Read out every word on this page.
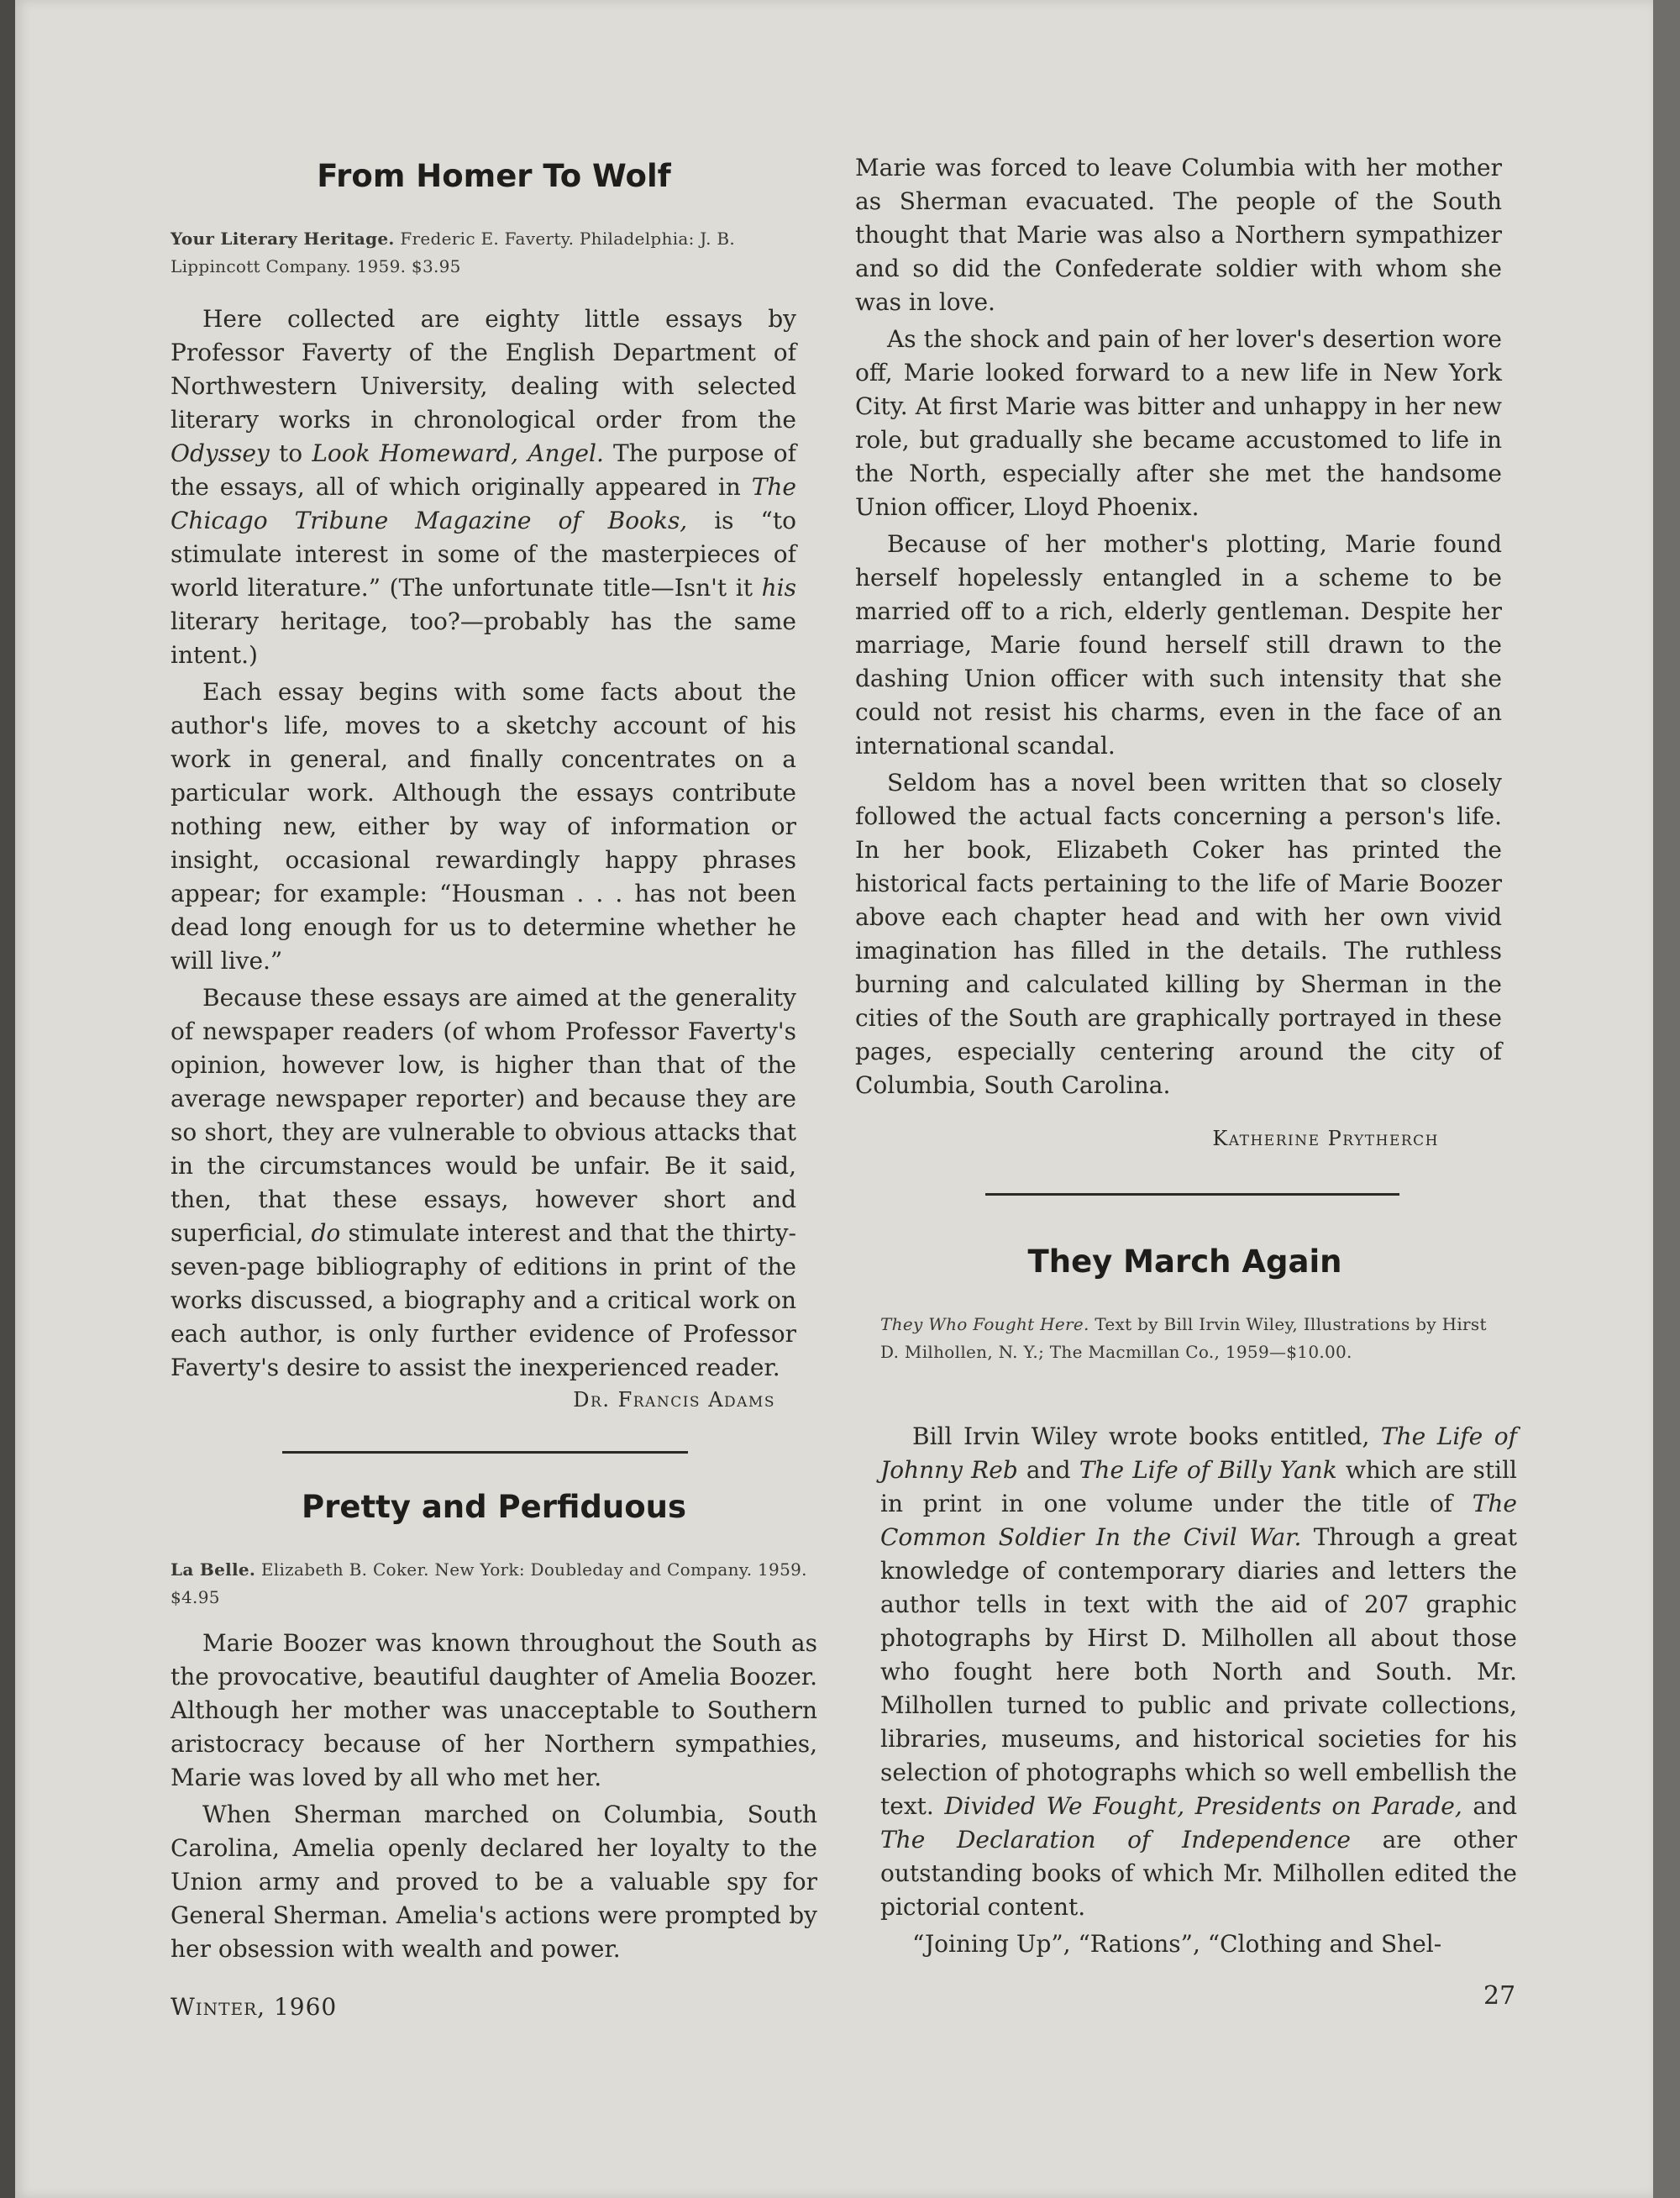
From Homer To Wolf
Your Literary Heritage. Frederic E. Faverty. Philadelphia: J. B. Lippincott Company. 1959. $3.95

Here collected are eighty little essays by Professor Faverty of the English Department of Northwestern University, dealing with selected literary works in chronological order from the Odyssey to Look Homeward, Angel. The purpose of the essays, all of which originally appeared in The Chicago Tribune Magazine of Books, is “to stimulate interest in some of the masterpieces of world literature.” (The unfortunate title—Isn't it his literary heritage, too?—probably has the same intent.)

Each essay begins with some facts about the author's life, moves to a sketchy account of his work in general, and finally concentrates on a particular work. Although the essays contribute nothing new, either by way of information or insight, occasional rewardingly happy phrases appear; for example: “Housman . . . has not been dead long enough for us to determine whether he will live.”

Because these essays are aimed at the generality of newspaper readers (of whom Professor Faverty's opinion, however low, is higher than that of the average newspaper reporter) and because they are so short, they are vulnerable to obvious attacks that in the circumstances would be unfair. Be it said, then, that these essays, however short and superficial, do stimulate interest and that the thirty-seven-page bibliography of editions in print of the works discussed, a biography and a critical work on each author, is only further evidence of Professor Faverty's desire to assist the inexperienced reader.

Dr. Francis Adams
Pretty and Perfiduous
La Belle. Elizabeth B. Coker. New York: Doubleday and Company. 1959. $4.95

Marie Boozer was known throughout the South as the provocative, beautiful daughter of Amelia Boozer. Although her mother was unacceptable to Southern aristocracy because of her Northern sympathies, Marie was loved by all who met her.

When Sherman marched on Columbia, South Carolina, Amelia openly declared her loyalty to the Union army and proved to be a valuable spy for General Sherman. Amelia's actions were prompted by her obsession with wealth and power.

Winter, 1960

Marie was forced to leave Columbia with her mother as Sherman evacuated. The people of the South thought that Marie was also a Northern sympathizer and so did the Confederate soldier with whom she was in love.

As the shock and pain of her lover's desertion wore off, Marie looked forward to a new life in New York City. At first Marie was bitter and unhappy in her new role, but gradually she became accustomed to life in the North, especially after she met the handsome Union officer, Lloyd Phoenix.

Because of her mother's plotting, Marie found herself hopelessly entangled in a scheme to be married off to a rich, elderly gentleman. Despite her marriage, Marie found herself still drawn to the dashing Union officer with such intensity that she could not resist his charms, even in the face of an international scandal.

Seldom has a novel been written that so closely followed the actual facts concerning a person's life. In her book, Elizabeth Coker has printed the historical facts pertaining to the life of Marie Boozer above each chapter head and with her own vivid imagination has filled in the details. The ruthless burning and calculated killing by Sherman in the cities of the South are graphically portrayed in these pages, especially centering around the city of Columbia, South Carolina.

Katherine Prytherch
They March Again
They Who Fought Here. Text by Bill Irvin Wiley, Illustrations by Hirst D. Milhollen, N. Y.; The Macmillan Co., 1959—$10.00.

Bill Irvin Wiley wrote books entitled, The Life of Johnny Reb and The Life of Billy Yank which are still in print in one volume under the title of The Common Soldier In the Civil War. Through a great knowledge of contemporary diaries and letters the author tells in text with the aid of 207 graphic photographs by Hirst D. Milhollen all about those who fought here both North and South. Mr. Milhollen turned to public and private collections, libraries, museums, and historical societies for his selection of photographs which so well embellish the text. Divided We Fought, Presidents on Parade, and The Declaration of Independence are other outstanding books of which Mr. Milhollen edited the pictorial content.

“Joining Up”, “Rations”, “Clothing and Shel-

27
